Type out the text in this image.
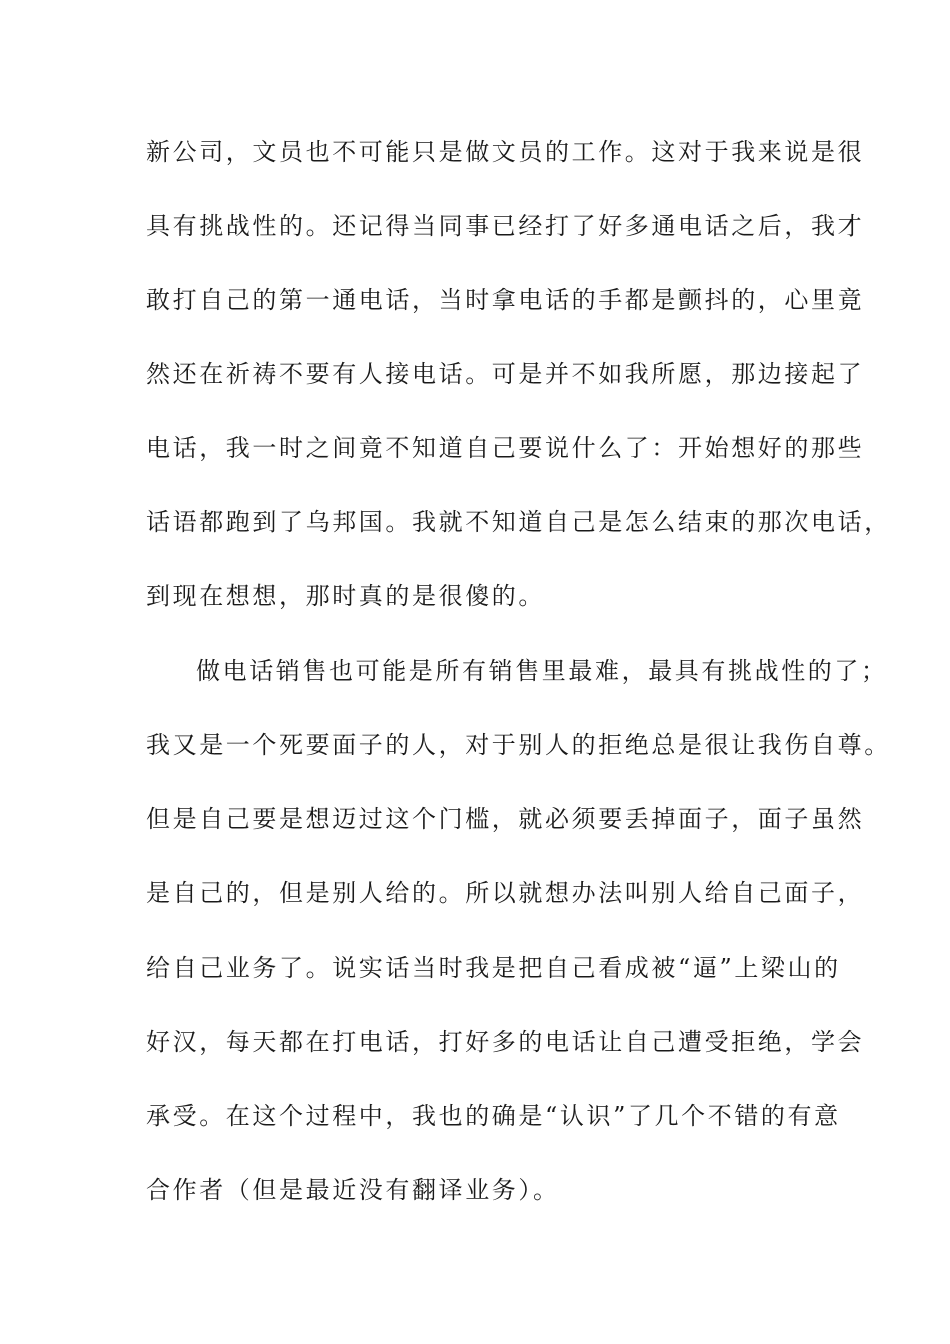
新公司，文员也不可能只是做文员的工作。这对于我来说是很
具有挑战性的。还记得当同事已经打了好多通电话之后，我才
敢打自己的第一通电话，当时拿电话的手都是颤抖的，心里竟
然还在祈祷不要有人接电话。可是并不如我所愿，那边接起了
电话，我一时之间竟不知道自己要说什么了：开始想好的那些
话语都跑到了乌邦国。我就不知道自己是怎么结束的那次电话，
到现在想想，那时真的是很傻的。
做电话销售也可能是所有销售里最难，最具有挑战性的了；
我又是一个死要面子的人，对于别人的拒绝总是很让我伤自尊。
但是自己要是想迈过这个门槛，就必须要丢掉面子，面子虽然
是自己的，但是别人给的。所以就想办法叫别人给自己面子，
给自己业务了。说实话当时我是把自己看成被“逼”上梁山的
好汉，每天都在打电话，打好多的电话让自己遭受拒绝，学会
承受。在这个过程中，我也的确是“认识”了几个不错的有意
合作者（但是最近没有翻译业务）。
